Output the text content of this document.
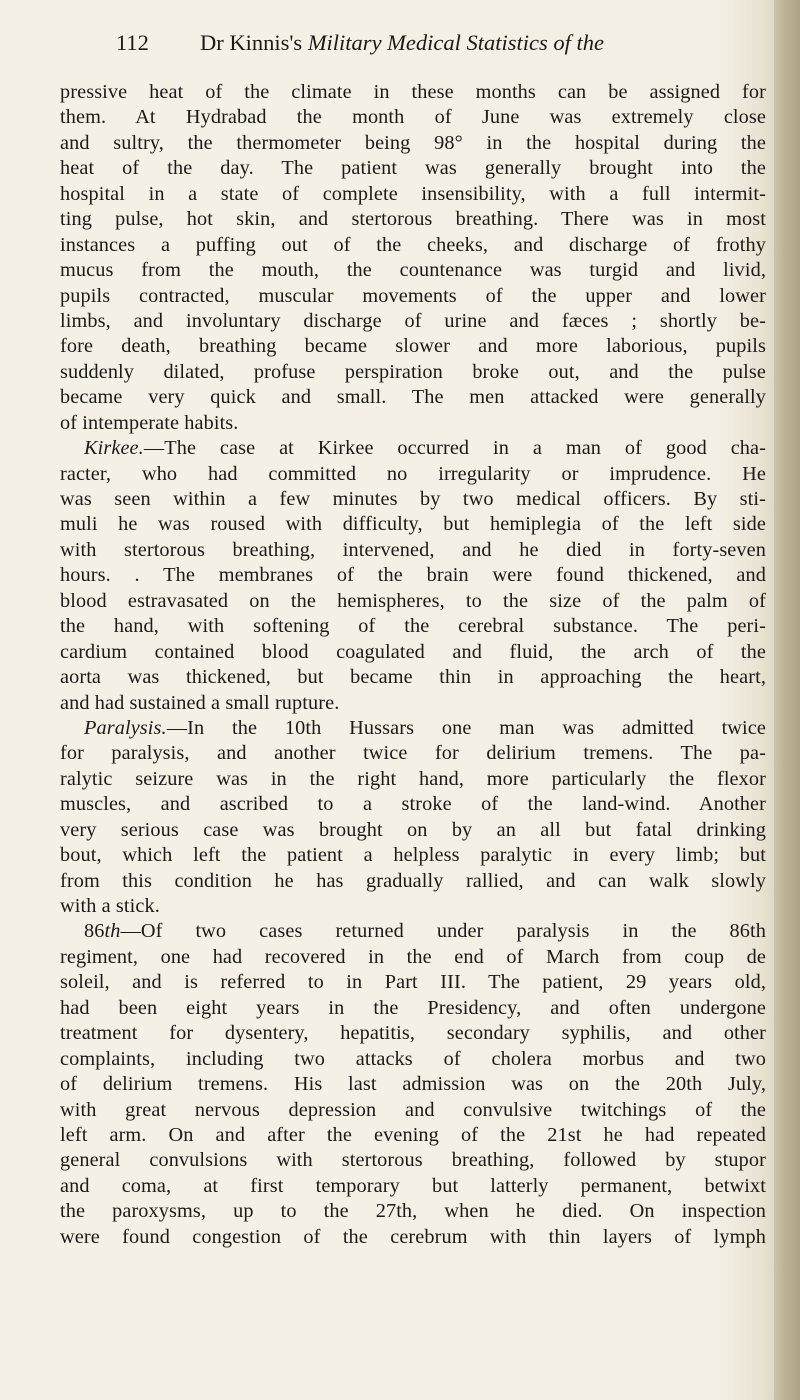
112 Dr Kinnis's Military Medical Statistics of the
pressive heat of the climate in these months can be assigned for
them. At Hydrabad the month of June was extremely close
and sultry, the thermometer being 98° in the hospital during the
heat of the day. The patient was generally brought into the
hospital in a state of complete insensibility, with a full intermit-
ting pulse, hot skin, and stertorous breathing. There was in most
instances a puffing out of the cheeks, and discharge of frothy
mucus from the mouth, the countenance was turgid and livid,
pupils contracted, muscular movements of the upper and lower
limbs, and involuntary discharge of urine and fæces ; shortly be-
fore death, breathing became slower and more laborious, pupils
suddenly dilated, profuse perspiration broke out, and the pulse
became very quick and small. The men attacked were generally
of intemperate habits.
Kirkee.—The case at Kirkee occurred in a man of good cha-
racter, who had committed no irregularity or imprudence. He
was seen within a few minutes by two medical officers. By sti-
muli he was roused with difficulty, but hemiplegia of the left side
with stertorous breathing, intervened, and he died in forty-seven
hours. . The membranes of the brain were found thickened, and
blood estravasated on the hemispheres, to the size of the palm of
the hand, with softening of the cerebral substance. The peri-
cardium contained blood coagulated and fluid, the arch of the
aorta was thickened, but became thin in approaching the heart,
and had sustained a small rupture.
Paralysis.—In the 10th Hussars one man was admitted twice
for paralysis, and another twice for delirium tremens. The pa-
ralytic seizure was in the right hand, more particularly the flexor
muscles, and ascribed to a stroke of the land-wind. Another
very serious case was brought on by an all but fatal drinking
bout, which left the patient a helpless paralytic in every limb; but
from this condition he has gradually rallied, and can walk slowly
with a stick.
86th—Of two cases returned under paralysis in the 86th
regiment, one had recovered in the end of March from coup de
soleil, and is referred to in Part III. The patient, 29 years old,
had been eight years in the Presidency, and often undergone
treatment for dysentery, hepatitis, secondary syphilis, and other
complaints, including two attacks of cholera morbus and two
of delirium tremens. His last admission was on the 20th July,
with great nervous depression and convulsive twitchings of the
left arm. On and after the evening of the 21st he had repeated
general convulsions with stertorous breathing, followed by stupor
and coma, at first temporary but latterly permanent, betwixt
the paroxysms, up to the 27th, when he died. On inspection
were found congestion of the cerebrum with thin layers of lymph
